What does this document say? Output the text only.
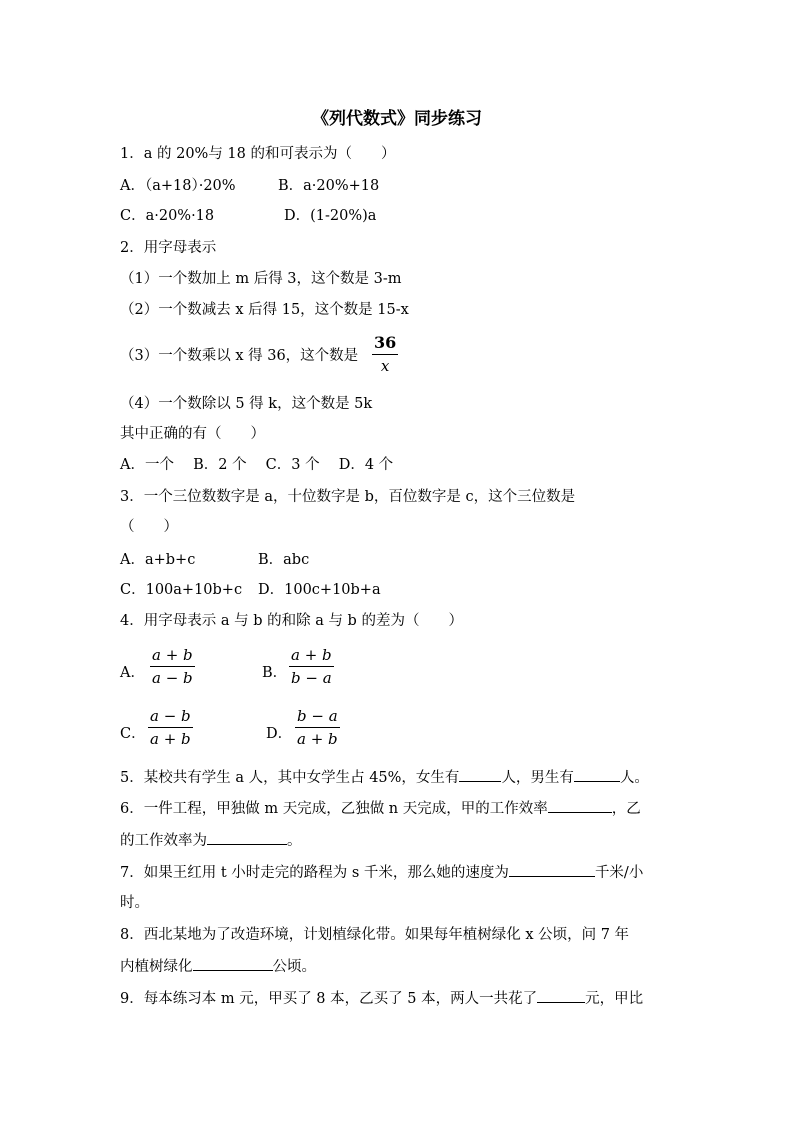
《列代数式》同步练习
1．a 的 20%与 18 的和可表示为（　　）
A．（a+18）·20%	B．a·20%+18
C．a·20%·18	D．(1-20%)a
2．用字母表示
（1）一个数加上 m 后得 3，这个数是 3-m
（2）一个数减去 x 后得 15，这个数是 15-x
（3）一个数乘以 x 得 36，这个数是
36
x
（4）一个数除以 5 得 k，这个数是 5k
其中正确的有（　　）
A．一个　 B．2 个　 C．3 个　 D．4 个
3．一个三位数数字是 a，十位数字是 b，百位数字是 c，这个三位数是
（　　）
A．a+b+c	B．abc
C．100a+10b+c D．100c+10b+a
4．用字母表示 a 与 b 的和除 a 与 b 的差为（　　）
A．
a + b
a − b	B．
a + b
b − a
C．
a − b
a + b	D．
b − a
a + b
5．某校共有学生 a 人，其中女学生占 45%，女生有	人，男生有	人。
6．一件工程，甲独做 m 天完成，乙独做 n 天完成，甲的工作效率	，乙
的工作效率为	。
7．如果王红用 t 小时走完的路程为 s 千米，那么她的速度为	千米/小
时。
8．西北某地为了改造环境，计划植绿化带。如果每年植树绿化 x 公顷，问 7 年
内植树绿化	公顷。
9．每本练习本 m 元，甲买了 8 本，乙买了 5 本，两人一共花了	元，甲比
